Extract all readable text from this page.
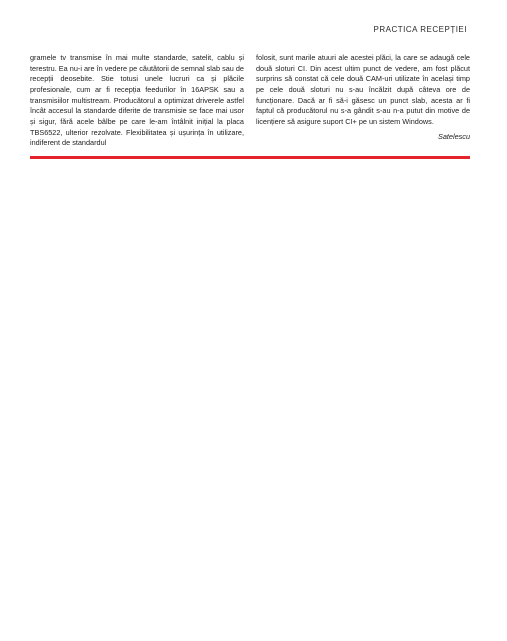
PRACTICA RECEPȚIEI

gramele tv transmise în mai multe standarde, satelit, cablu și terestru. Ea nu-i are în vedere pe căutătorii de semnal slab sau de recepții deosebite. Stie totusi unele lucruri ca și plăcile profesionale, cum ar fi recepția feedurilor în 16APSK sau a transmisiilor multistream. Producătorul a optimizat driverele astfel încât accesul la standarde diferite de transmisie se face mai usor și sigur, fără acele bâlbe pe care le-am întâlnit inițial la placa TBS6522, ulterior rezolvate. Flexibilitatea și ușurința în utilizare, indiferent de standardul

folosit, sunt marile atuuri ale acestei plăci, la care se adaugă cele două sloturi CI. Din acest ultim punct de vedere, am fost plăcut surprins să constat că cele două CAM-uri utilizate în același timp pe cele două sloturi nu s-au încălzit după câteva ore de funcționare. Dacă ar fi să-i găsesc un punct slab, acesta ar fi faptul că producătorul nu s-a gândit s-au n-a putut din motive de licențiere să asigure suport CI+ pe un sistem Windows.

Satelescu
